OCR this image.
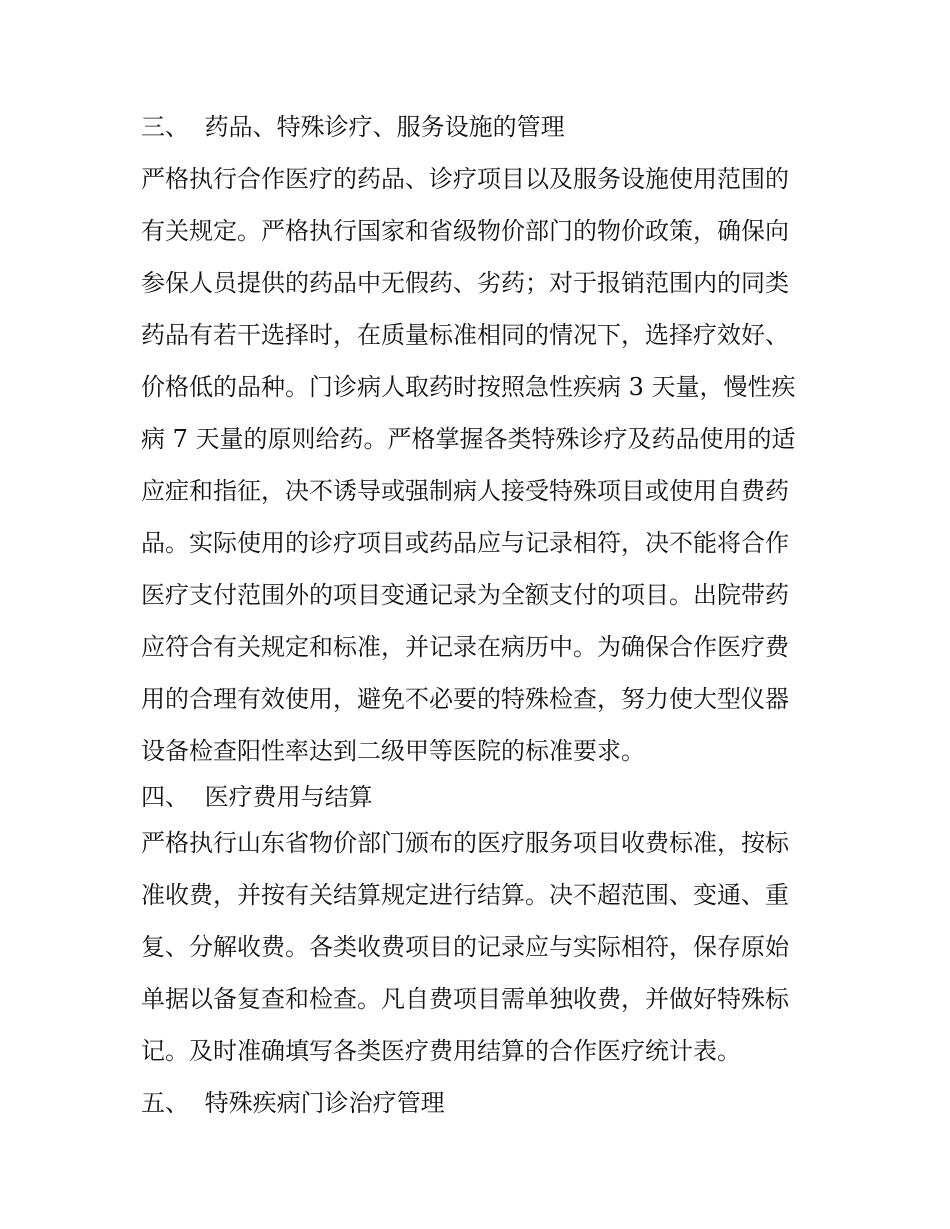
三、 药品、特殊诊疗、服务设施的管理
严格执行合作医疗的药品、诊疗项目以及服务设施使用范围的
有关规定。严格执行国家和省级物价部门的物价政策，确保向
参保人员提供的药品中无假药、劣药；对于报销范围内的同类
药品有若干选择时，在质量标准相同的情况下，选择疗效好、
价格低的品种。门诊病人取药时按照急性疾病 3 天量，慢性疾
病 7 天量的原则给药。严格掌握各类特殊诊疗及药品使用的适
应症和指征，决不诱导或强制病人接受特殊项目或使用自费药
品。实际使用的诊疗项目或药品应与记录相符，决不能将合作
医疗支付范围外的项目变通记录为全额支付的项目。出院带药
应符合有关规定和标准，并记录在病历中。为确保合作医疗费
用的合理有效使用，避免不必要的特殊检查，努力使大型仪器
设备检查阳性率达到二级甲等医院的标准要求。
四、 医疗费用与结算
严格执行山东省物价部门颁布的医疗服务项目收费标准，按标
准收费，并按有关结算规定进行结算。决不超范围、变通、重
复、分解收费。各类收费项目的记录应与实际相符，保存原始
单据以备复查和检查。凡自费项目需单独收费，并做好特殊标
记。及时准确填写各类医疗费用结算的合作医疗统计表。
五、 特殊疾病门诊治疗管理
